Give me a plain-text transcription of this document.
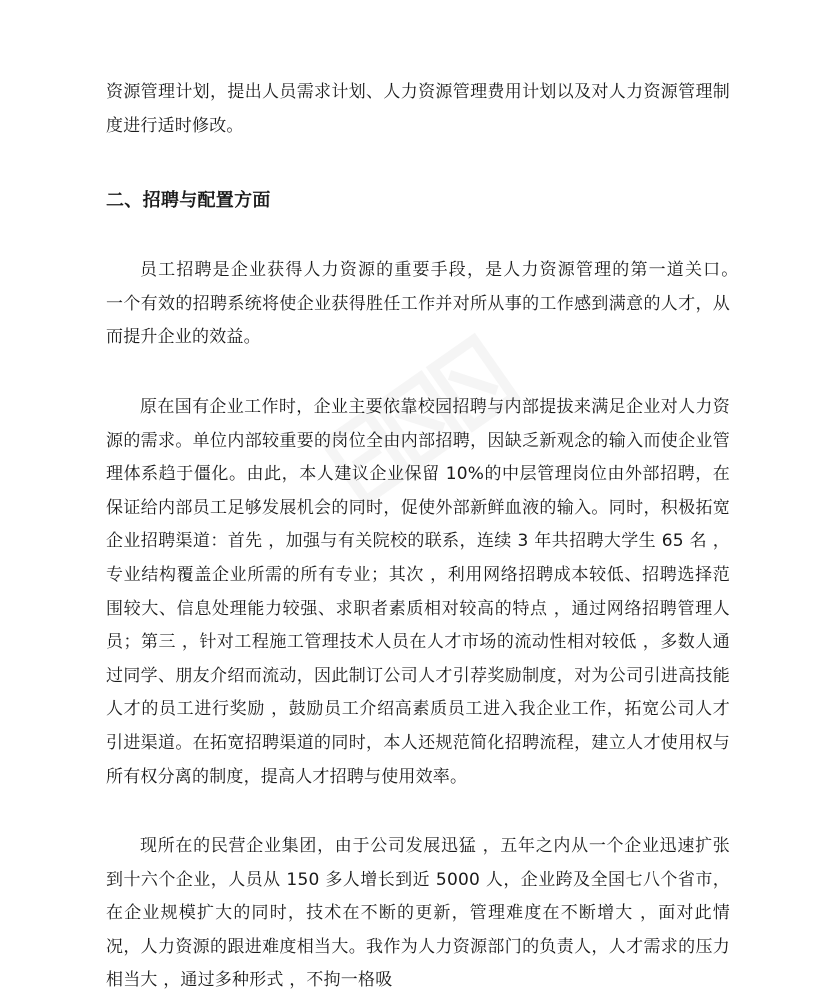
资源管理计划，提出人员需求计划、人力资源管理费用计划以及对人力资源管理制度进行适时修改。

二、招聘与配置方面

员工招聘是企业获得人力资源的重要手段，是人力资源管理的第一道关口。　一个有效的招聘系统将使企业获得胜任工作并对所从事的工作感到满意的人才，从而提升企业的效益。

原在国有企业工作时，企业主要依靠校园招聘与内部提拔来满足企业对人力资源的需求。单位内部较重要的岗位全由内部招聘，因缺乏新观念的输入而使企业管理体系趋于僵化。由此，本人建议企业保留 10%的中层管理岗位由外部招聘，在保证给内部员工足够发展机会的同时，促使外部新鲜血液的输入。同时，积极拓宽企业招聘渠道：首先 ，加强与有关院校的联系，连续 3 年共招聘大学生 65 名 ，专业结构覆盖企业所需的所有专业；其次 ，利用网络招聘成本较低、招聘选择范围较大、信息处理能力较强、求职者素质相对较高的特点 ，通过网络招聘管理人员；第三 ，针对工程施工管理技术人员在人才市场的流动性相对较低 ，多数人通过同学、朋友介绍而流动，因此制订公司人才引荐奖励制度，对为公司引进高技能人才的员工进行奖励 ，鼓励员工介绍高素质员工进入我企业工作，拓宽公司人才引进渠道。在拓宽招聘渠道的同时，本人还规范简化招聘流程，建立人才使用权与所有权分离的制度，提高人才招聘与使用效率。

现所在的民营企业集团，由于公司发展迅猛 ，五年之内从一个企业迅速扩张到十六个企业，人员从 150 多人增长到近 5000 人，企业跨及全国七八个省市，在企业规模扩大的同时，技术在不断的更新，管理难度在不断增大 ，面对此情况，人力资源的跟进难度相当大。我作为人力资源部门的负责人，人才需求的压力相当大 ，通过多种形式 ，不拘一格吸
